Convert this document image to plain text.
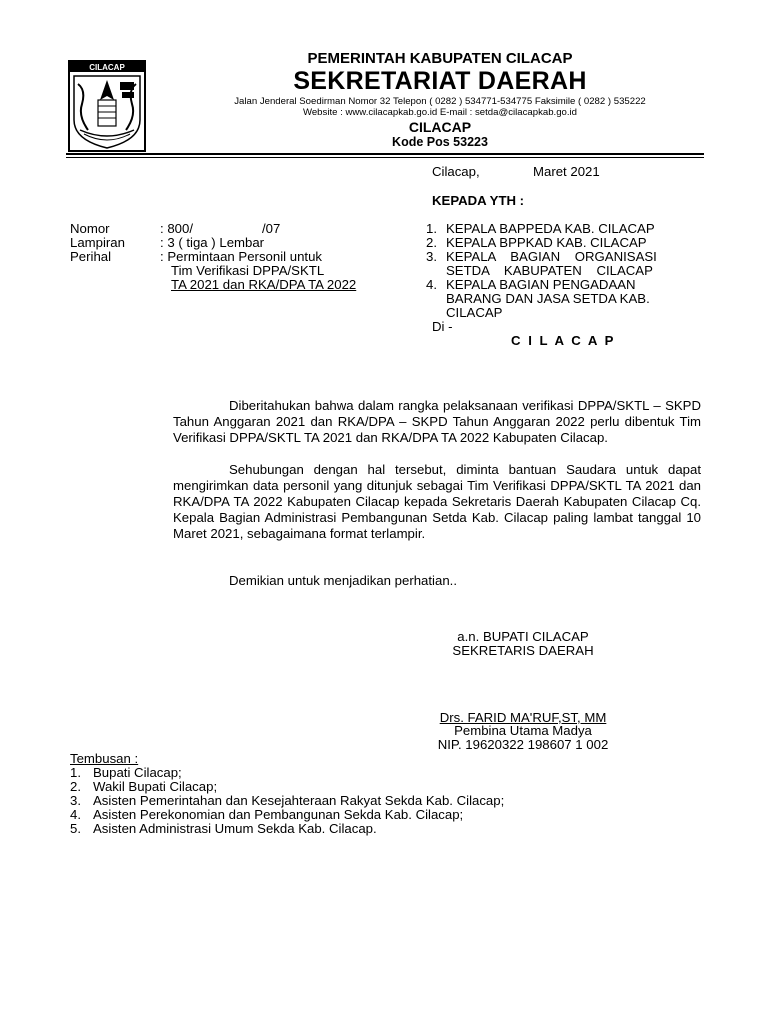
CILACAP
PEMERINTAH KABUPATEN CILACAP
SEKRETARIAT DAERAH
Jalan Jenderal Soedirman Nomor 32 Telepon ( 0282 ) 534771-534775 Faksimile ( 0282 ) 535222
Website : www.cilacapkab.go.id E-mail : setda@cilacapkab.go.id
CILACAP
Kode Pos 53223
Cilacap,	Maret 2021
KEPADA YTH :
1. KEPALA BAPPEDA KAB. CILACAP
2. KEPALA BPPKAD KAB. CILACAP
3. KEPALA    BAGIAN    ORGANISASI
SETDA    KABUPATEN    CILACAP
4. KEPALA BAGIAN PENGADAAN
BARANG DAN JASA SETDA KAB.
CILACAP
Di -
C I L A C A P
Nomor	: 800/	/07
Lampiran	: 3 ( tiga ) Lembar
Perihal	: Permintaan Personil untuk
Tim Verifikasi DPPA/SKTL
TA 2021 dan RKA/DPA TA 2022
Diberitahukan bahwa dalam rangka pelaksanaan verifikasi DPPA/SKTL – SKPD Tahun Anggaran 2021 dan RKA/DPA – SKPD Tahun Anggaran 2022 perlu dibentuk Tim Verifikasi DPPA/SKTL TA 2021 dan RKA/DPA TA 2022 Kabupaten Cilacap.
Sehubungan dengan hal tersebut, diminta bantuan Saudara untuk dapat mengirimkan data personil yang ditunjuk sebagai Tim Verifikasi DPPA/SKTL TA 2021 dan RKA/DPA TA 2022 Kabupaten Cilacap kepada Sekretaris Daerah Kabupaten Cilacap Cq. Kepala Bagian Administrasi Pembangunan Setda Kab. Cilacap paling lambat tanggal 10 Maret 2021, sebagaimana format terlampir.
Demikian untuk menjadikan perhatian..
a.n. BUPATI CILACAP
SEKRETARIS DAERAH
Drs. FARID MA'RUF,ST, MM
Pembina Utama Madya
NIP. 19620322 198607 1 002
Tembusan :
1. Bupati Cilacap;
2. Wakil Bupati Cilacap;
3. Asisten Pemerintahan dan Kesejahteraan Rakyat Sekda Kab. Cilacap;
4. Asisten Perekonomian dan Pembangunan Sekda Kab. Cilacap;
5. Asisten Administrasi Umum Sekda Kab. Cilacap.
